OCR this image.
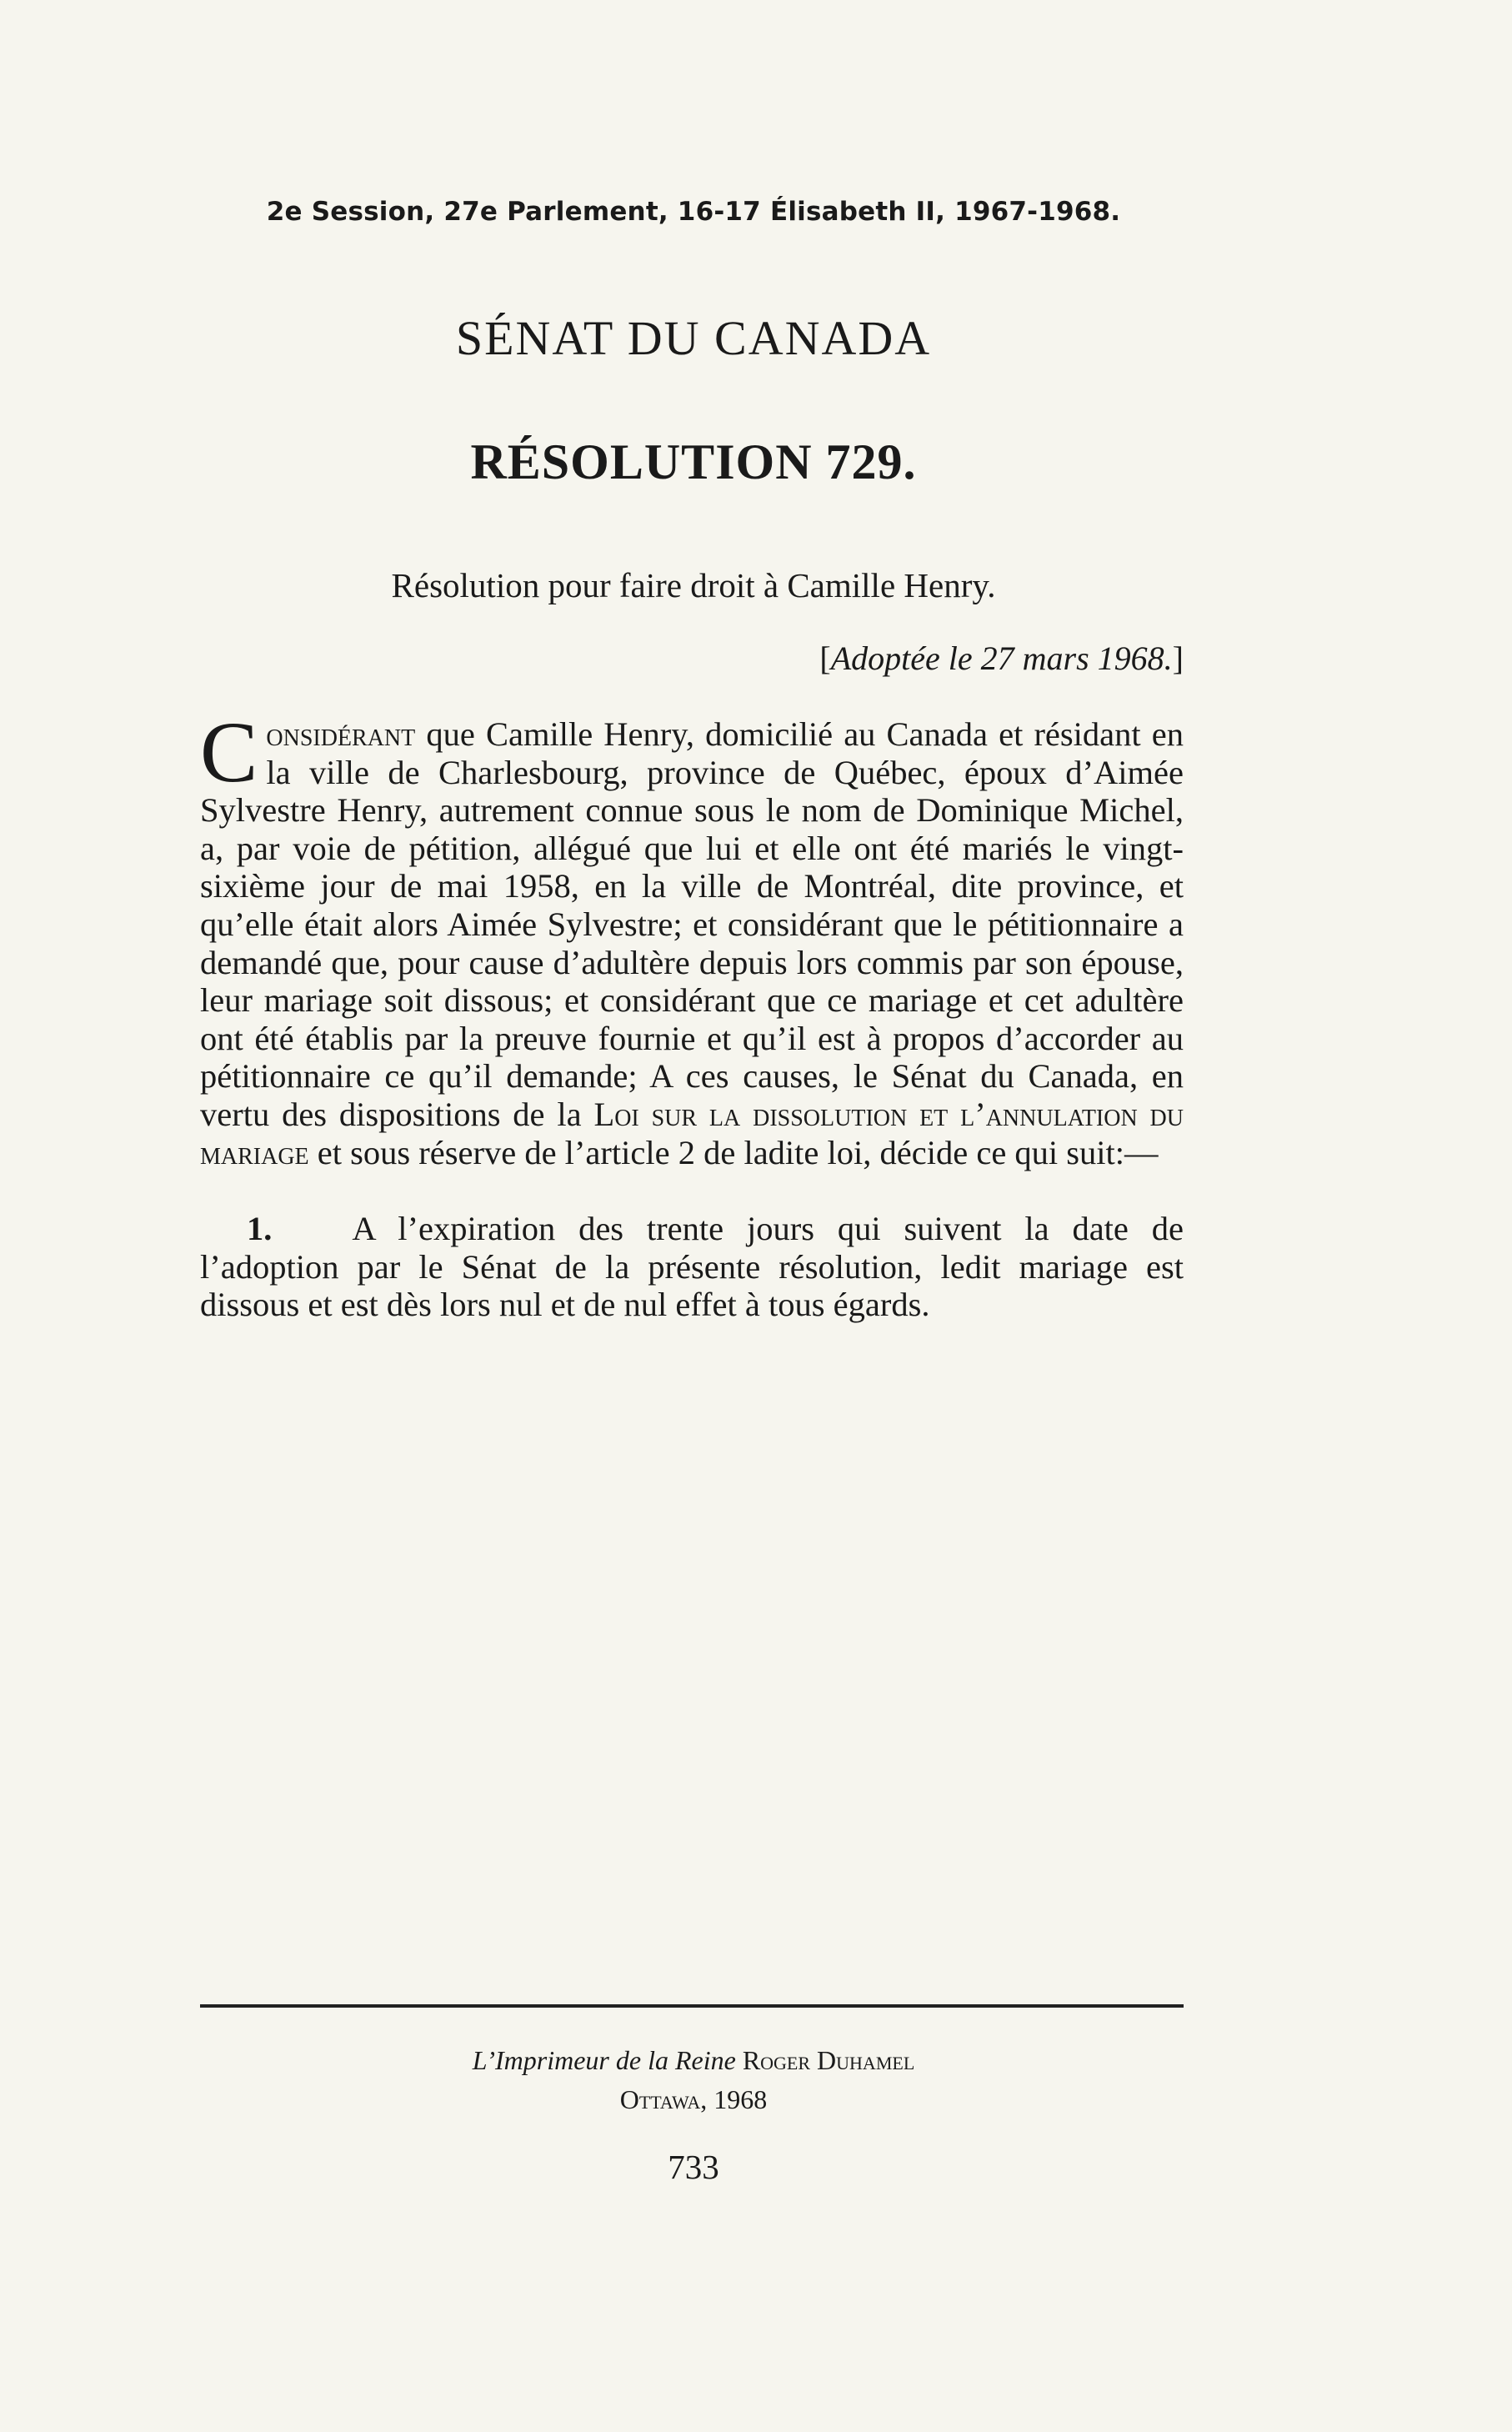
2e Session, 27e Parlement, 16-17 Élisabeth II, 1967-1968.
SÉNAT DU CANADA
RÉSOLUTION 729.
Résolution pour faire droit à Camille Henry.
[Adoptée le 27 mars 1968.]

Considérant que Camille Henry, domicilié au Canada et résidant en la ville de Charlesbourg, province de Québec, époux d’Aimée Sylvestre Henry, autrement connue sous le nom de Dominique Michel, a, par voie de pétition, allégué que lui et elle ont été mariés le vingt-sixième jour de mai 1958, en la ville de Montréal, dite province, et qu’elle était alors Aimée Sylvestre; et considérant que le pétitionnaire a demandé que, pour cause d’adultère depuis lors commis par son épouse, leur mariage soit dissous; et considérant que ce mariage et cet adultère ont été établis par la preuve fournie et qu’il est à propos d’accorder au pétitionnaire ce qu’il demande; A ces causes, le Sénat du Canada, en vertu des dispositions de la Loi sur la dissolution et l’annulation du mariage et sous réserve de l’article 2 de ladite loi, décide ce qui suit:—

1. A l’expiration des trente jours qui suivent la date de l’adoption par le Sénat de la présente résolution, ledit mariage est dissous et est dès lors nul et de nul effet à tous égards.

L’Imprimeur de la Reine Roger Duhamel
Ottawa, 1968
733
